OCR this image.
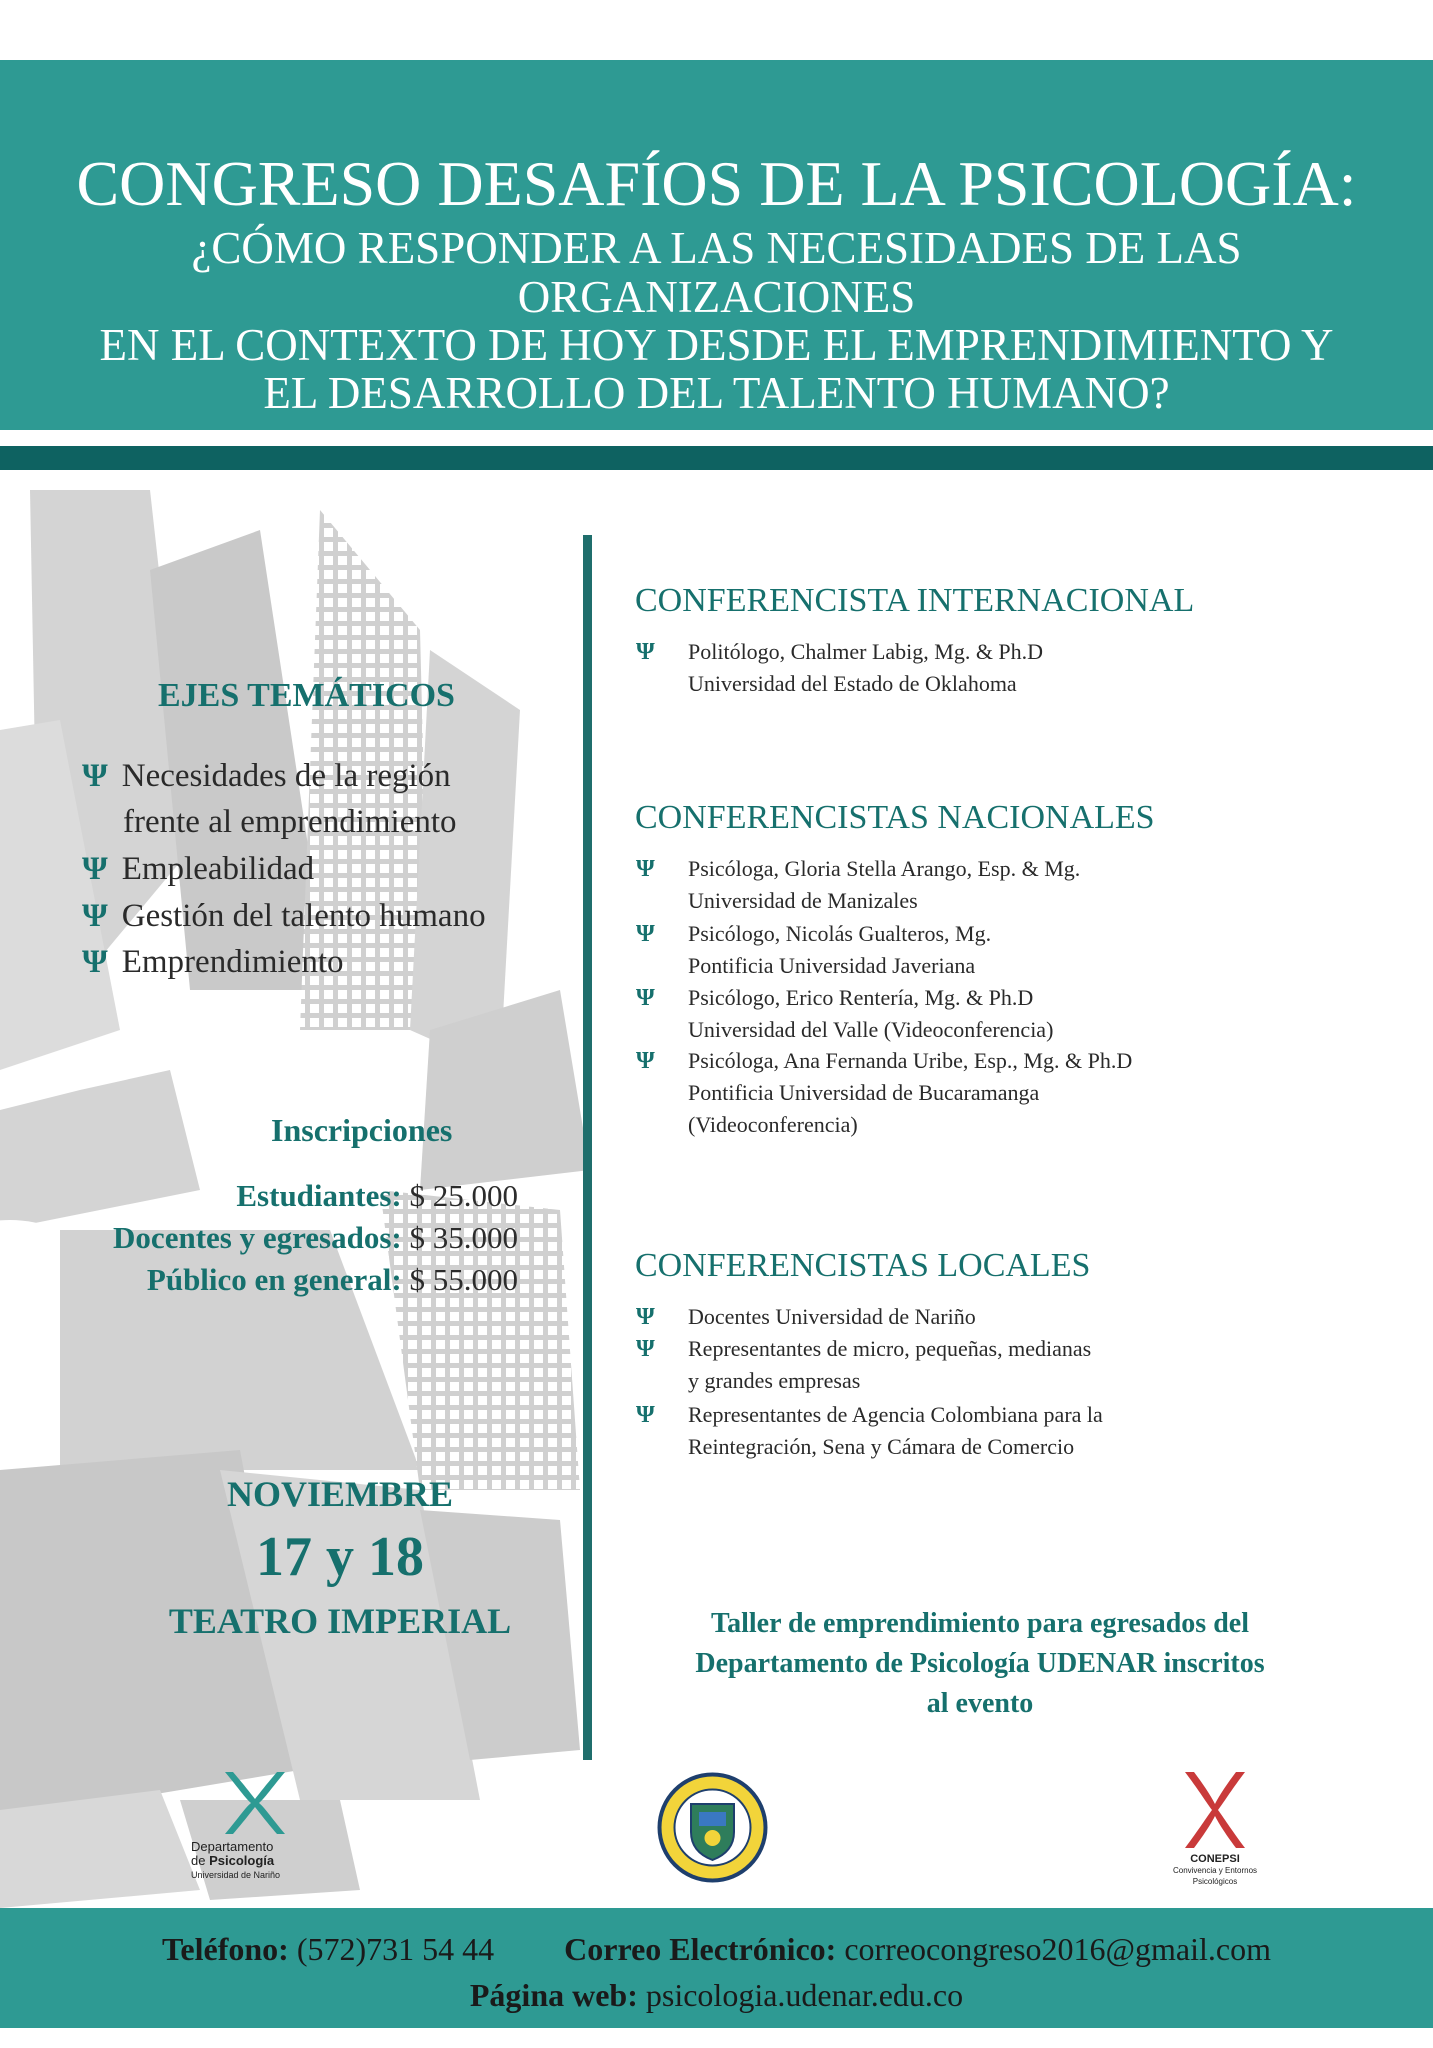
CONGRESO DESAFÍOS DE LA PSICOLOGÍA:
¿CÓMO RESPONDER A LAS NECESIDADES DE LAS ORGANIZACIONES
EN EL CONTEXTO DE HOY DESDE EL EMPRENDIMIENTO Y
EL DESARROLLO DEL TALENTO HUMANO?
EJES TEMÁTICOS
Ψ Necesidades de la región
frente al emprendimiento
Ψ Empleabilidad
Ψ Gestión del talento humano
Ψ Emprendimiento
Inscripciones
Estudiantes: $ 25.000
Docentes y egresados: $ 35.000
Público en general: $ 55.000
NOVIEMBRE
17 y 18
TEATRO IMPERIAL
CONFERENCISTA INTERNACIONAL
Ψ Politólogo, Chalmer Labig, Mg. & Ph.D
Universidad del Estado de Oklahoma
CONFERENCISTAS NACIONALES
Ψ Psicóloga, Gloria Stella Arango, Esp. & Mg.
Universidad de Manizales
Ψ Psicólogo, Nicolás Gualteros, Mg.
Pontificia Universidad Javeriana
Ψ Psicólogo, Erico Rentería, Mg. & Ph.D
Universidad del Valle (Videoconferencia)
Ψ Psicóloga, Ana Fernanda Uribe, Esp., Mg. & Ph.D
Pontificia Universidad de Bucaramanga
(Videoconferencia)
CONFERENCISTAS LOCALES
Ψ Docentes Universidad de Nariño
Ψ Representantes de micro, pequeñas, medianas
y grandes empresas
Ψ Representantes de Agencia Colombiana para la
Reintegración, Sena y Cámara de Comercio
Taller de emprendimiento para egresados del
Departamento de Psicología UDENAR inscritos
al evento
Departamento
de Psicología
Universidad de Nariño
CONEPSI
Convivencia y Entornos
Psicológicos
Teléfono: (572)731 54 44 Correo Electrónico: correocongreso2016@gmail.com
Página web: psicologia.udenar.edu.co
